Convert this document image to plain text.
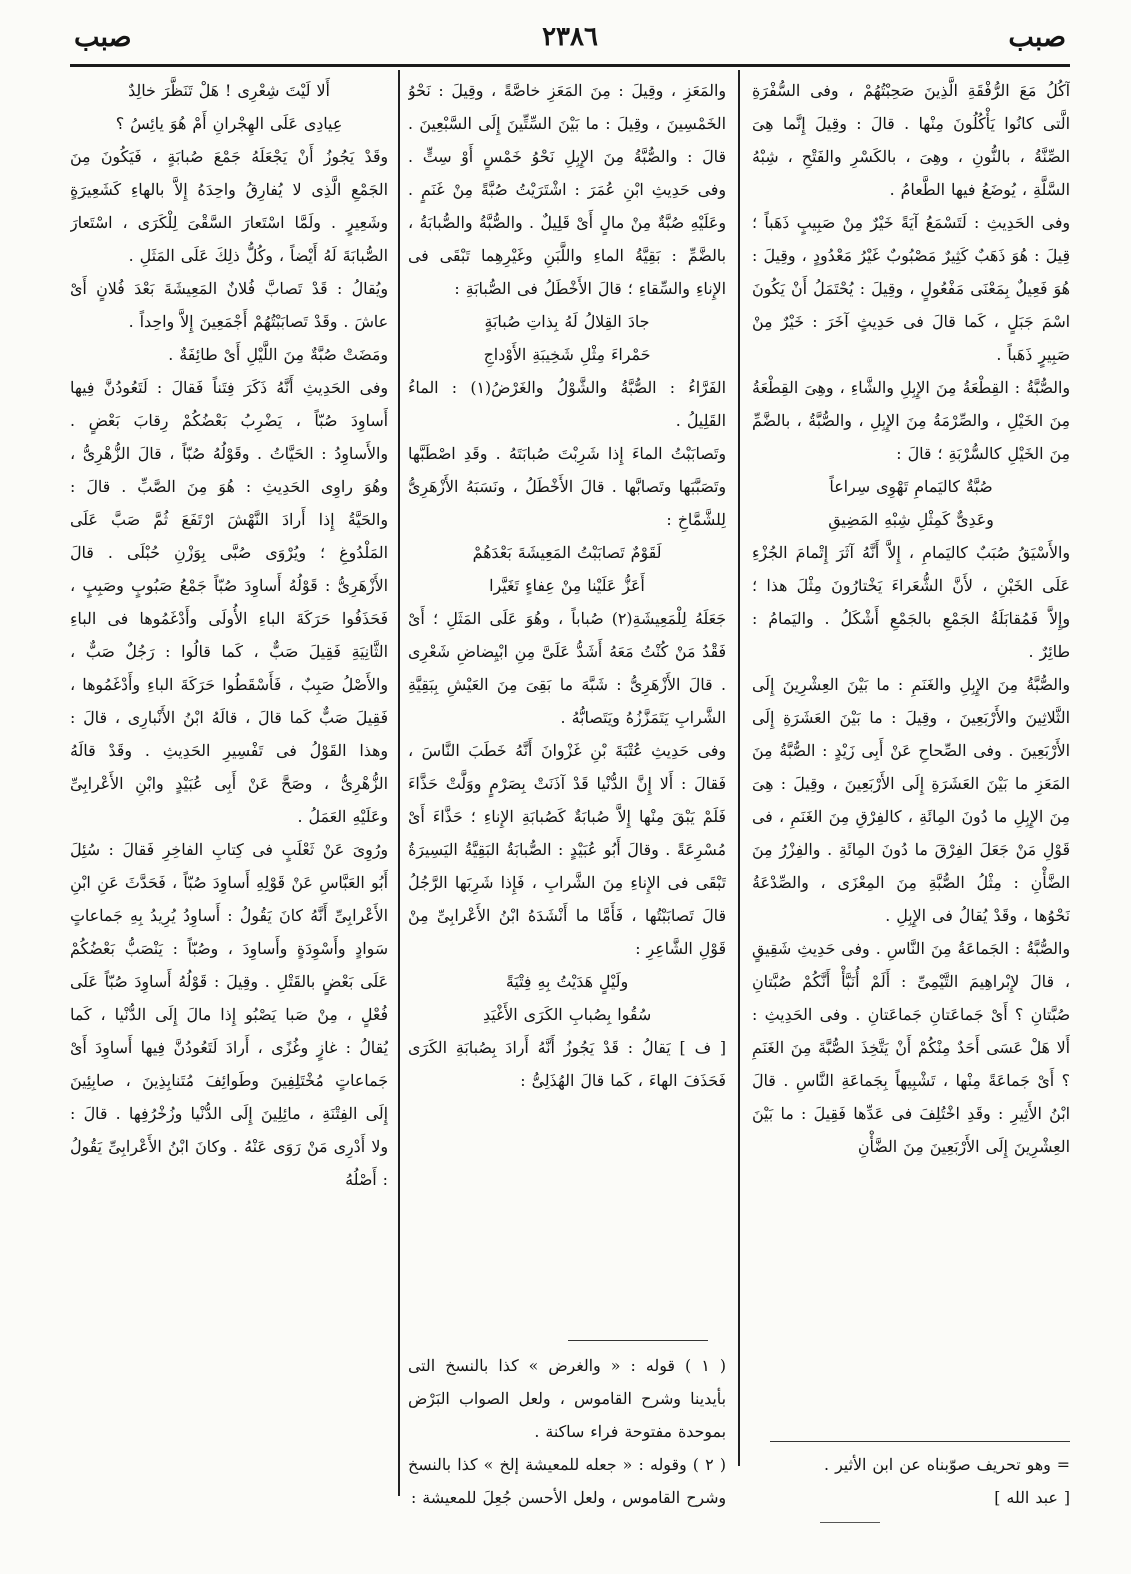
صبب	٢٣٨٦	صبب

آكُلُ مَعَ الرُّفْقَةِ الَّذِينَ صَحِبْتُهُمْ ، وفى السُّفْرَةِ الَّتى كانُوا يَأْكُلُونَ مِنْها . قالَ : وقِيلَ إِنَّما هِىَ الصِّنَّةُ ، بالنُّونِ ، وهِىَ ، بالكَسْرِ والفَتْحِ ، شِبْهُ السَّلَّةِ ، يُوضَعُ فيها الطَّعامُ .

وفى الحَدِيثِ : لَتَسْمَعُ آيَةً خَيْرٌ مِنْ صَبِيبٍ ذَهَباً ؛ قِيلَ : هُوَ ذَهَبٌ كَثِيرٌ مَصْبُوبٌ غَيْرُ مَعْدُودٍ ، وقِيلَ : هُوَ فَعِيلٌ بِمَعْنَى مَفْعُولٍ ، وقِيلَ : يُحْتَمَلُ أَنْ يَكُونَ اسْمَ جَبَلٍ ، كَما قالَ فى حَدِيثٍ آخَرَ : خَيْرٌ مِنْ صَبِيرٍ ذَهَباً .

والصُّبَّةُ : القِطْعَةُ مِنَ الإِبِلِ والشَّاءِ ، وهِىَ القِطْعَةُ مِنَ الخَيْلِ ، والصِّرْمَةُ مِنَ الإِبِلِ ، والصُّبَّةُ ، بالضَّمِّ مِنَ الخَيْلِ كالسُّرْبَةِ ؛ قالَ :

صُبَّةٌ كاليَمامِ تَهْوِى سِراعاً

وعَدِىٌّ كَمِثْلِ شِبْهِ المَضِيقِ

والأَسْيَقُ صُبَبٌ كاليَمامِ ، إِلاَّ أَنَّهُ آثَرَ إِتْمامَ الجُزْءِ عَلَى الخَبْنِ ، لأَنَّ الشُّعَراءَ يَخْتارُونَ مِثْلَ هذا ؛ وإِلاَّ فَمُقابَلَةُ الجَمْعِ بالجَمْعِ أَشْكَلُ . واليَمامُ : طائِرٌ .

والصُّبَّةُ مِنَ الإِبِلِ والغَنَمِ : ما بَيْنَ العِشْرِينَ إِلَى الثَّلاثِينَ والأَرْبَعِينَ ، وقِيلَ : ما بَيْنَ العَشَرَةِ إِلَى الأَرْبَعِينَ . وفى الصِّحاحِ عَنْ أَبِى زَيْدٍ : الصُّبَّةُ مِنَ المَعَزِ ما بَيْنَ العَشَرَةِ إِلَى الأَرْبَعِينَ ، وقِيلَ : هِىَ مِنَ الإِبِلِ ما دُونَ المِائَةِ ، كالفِرْقِ مِنَ الغَنَمِ ، فى قَوْلِ مَنْ جَعَلَ الفِرْقَ ما دُونَ المِائَةِ . والفِزْرُ مِنَ الضَّأْنِ : مِثْلُ الصُّبَّةِ مِنَ المِعْزَى ، والصِّدْعَةُ نَحْوُها ، وقَدْ يُقالُ فى الإِبِلِ .

والصُّبَّةُ : الجَماعَةُ مِنَ النَّاسِ . وفى حَدِيثِ شَقِيقٍ ، قالَ لإِبْراهِيمَ التَّيْمِىِّ : أَلَمْ أُنَبَّأْ أَنَّكُمْ صُبَّتانِ صُبَّتانِ ؟ أَىْ جَماعَتانِ جَماعَتانِ . وفى الحَدِيثِ : أَلا هَلْ عَسَى أَحَدٌ مِنْكُمْ أَنْ يَتَّخِذَ الصُّبَّةَ مِنَ الغَنَمِ ؟ أَىْ جَماعَةً مِنْها ، تَشْبِيهاً بِجَماعَةِ النَّاسِ . قالَ ابْنُ الأَثِيرِ : وقَدِ اخْتُلِفَ فى عَدِّها فَقِيلَ : ما بَيْنَ العِشْرِينَ إِلَى الأَرْبَعِينَ مِنَ الضَّأْنِ

= وهو تحريف صوّبناه عن ابن الأثير .

[ عبد الله ]

والمَعَزِ ، وقِيلَ : مِنَ المَعَزِ خاصَّةً ، وقِيلَ : نَحْوُ الخَمْسِينَ ، وقِيلَ : ما بَيْنَ السِّتِّينَ إِلَى السَّبْعِينَ . قالَ : والصُّبَّةُ مِنَ الإِبِلِ نَحْوُ خَمْسٍ أَوْ سِتٍّ . وفى حَدِيثِ ابْنِ عُمَرَ : اشْتَرَيْتُ صُبَّةً مِنْ غَنَمٍ . وعَلَيْهِ صُبَّةٌ مِنْ مالٍ أَىْ قَلِيلٌ . والصُّبَّةُ والصُّبابَةُ ، بالضَّمِّ : بَقِيَّةُ الماءِ واللَّبَنِ وغَيْرِهِما تَبْقَى فى الإِناءِ والسِّقاءِ ؛ قالَ الأَخْطَلُ فى الصُّبابَةِ :

جادَ القِلالُ لَهُ بِذاتِ صُبابَةٍ

حَمْراءَ مِثْلِ شَخِيبَةِ الأَوْداجِ

الفَرَّاءُ : الصُّبَّةُ والشَّوْلُ والغَرْضُ(١) : الماءُ القَلِيلُ .

وتَصابَبْتُ الماءَ إِذا شَرِبْتَ صُبابَتَهُ . وقَدِ اصْطَبَّها وتَصَبَّبَها وتَصابَّها . قالَ الأَخْطَلُ ، ونَسَبَهُ الأَزْهَرِىُّ لِلشَّمَّاخِ :

لَقَوْمٌ تَصابَبْتُ المَعِيشَةَ بَعْدَهُمْ

أَعَزُّ عَلَيْنا مِنْ عِفاءٍ تَغَيَّرا

جَعَلَهُ لِلْمَعِيشَةِ(٢) صُباباً ، وهُوَ عَلَى المَثَلِ ؛ أَىْ فَقْدُ مَنْ كُنْتُ مَعَهُ أَشَدُّ عَلَىَّ مِنِ ابْيِضاضِ شَعْرِى . قالَ الأَزْهَرِىُّ : شَبَّهَ ما بَقِىَ مِنَ العَيْشِ بِبَقِيَّةِ الشَّرابِ يَتَمَزَّزُهُ ويَتَصابُّهُ .

وفى حَدِيثِ عُتْبَةَ بْنِ غَزْوانَ أَنَّهُ خَطَبَ النَّاسَ ، فَقالَ : أَلا إِنَّ الدُّنْيا قَدْ آذَنَتْ بِصَرْمٍ ووَلَّتْ حَذَّاءَ فَلَمْ يَبْقَ مِنْها إِلاَّ صُبابَةٌ كَصُبابَةِ الإِناءِ ؛ حَذَّاءَ أَىْ مُسْرِعَةً . وقالَ أَبُو عُبَيْدٍ : الصُّبابَةُ البَقِيَّةُ اليَسِيرَةُ تَبْقَى فى الإِناءِ مِنَ الشَّرابِ ، فَإِذا شَرِبَها الرَّجُلُ قالَ تَصابَبْتُها ، فَأَمَّا ما أَنْشَدَهُ ابْنُ الأَعْرابِىِّ مِنْ قَوْلِ الشَّاعِرِ :

ولَيْلٍ هَدَيْتُ بِهِ فِتْيَةً

سُقُوا بِصُبابِ الكَرَى الأَغْيَدِ

[ ف ] يَقالُ : قَدْ يَجُوزُ أَنَّهُ أَرادَ بِصُبابَةِ الكَرَى فَحَذَفَ الهاءَ ، كَما قالَ الهُذَلِىُّ :

( ١ ) قوله : « والغرض » كذا بالنسخ التى بأيدينا وشرح القاموس ، ولعل الصواب البَرْض بموحدة مفتوحة فراء ساكنة .

( ٢ ) وقوله : « جعله للمعيشة إلخ » كذا بالنسخ وشرح القاموس ، ولعل الأحسن جُعِلَ للمعيشة :

أَلا لَيْتَ شِعْرِى ! هَلْ تَنَظَّرَ خالِدٌ

عِيادِى عَلَى الهِجْرانِ أَمْ هُوَ يائِسُ ؟

وقَدْ يَجُوزُ أَنْ يَجْعَلَهُ جَمْعَ صُبابَةٍ ، فَيَكُونَ مِنَ الجَمْعِ الَّذِى لا يُفارِقُ واحِدَهُ إِلاَّ بالهاءِ كَشَعِيرَةٍ وشَعِيرٍ . ولَمَّا اسْتَعارَ السَّقْىَ لِلْكَرَى ، اسْتَعارَ الصُّبابَةَ لَهُ أَيْضاً ، وكُلُّ ذلِكَ عَلَى المَثَلِ .

ويُقالُ : قَدْ تَصابَّ فُلانٌ المَعِيشَةَ بَعْدَ فُلانٍ أَىْ عاشَ . وقَدْ تَصابَبْتُهُمْ أَجْمَعِينَ إِلاَّ واحِداً .

ومَضَتْ صُبَّةٌ مِنَ اللَّيْلِ أَىْ طائِفَةٌ .

وفى الحَدِيثِ أَنَّهُ ذَكَرَ فِتَناً فَقالَ : لَتَعُودُنَّ فِيها أَساوِدَ صُبّاً ، يَضْرِبُ بَعْضُكُمْ رِقابَ بَعْضٍ . والأَساوِدُ : الحَيَّاتُ . وقَوْلُهُ صُبّاً ، قالَ الزُّهْرِىُّ ، وهُوَ راوِى الحَدِيثِ : هُوَ مِنَ الصَّبِّ . قالَ : والحَيَّةُ إِذا أَرادَ النَّهْشَ ارْتَفَعَ ثُمَّ صَبَّ عَلَى المَلْدُوغِ ؛ ويُرْوَى صُبَّى بِوَزْنِ حُبْلَى . قالَ الأَزْهَرِىُّ : قَوْلُهُ أَساوِدَ صُبّاً جَمْعُ صَبُوبٍ وصَبِبٍ ، فَحَذَفُوا حَرَكَةَ الباءِ الأُولَى وأَدْغَمُوها فى الباءِ الثَّانِيَةِ فَقِيلَ صَبٌّ ، كَما قالُوا : رَجُلٌ صَبٌّ ، والأَصْلُ صَبِبٌ ، فَأَسْقَطُوا حَرَكَةَ الباءِ وأَدْغَمُوها ، فَقِيلَ صَبٌّ كَما قالَ ، قالَهُ ابْنُ الأَنْبارِى ، قالَ : وهذا القَوْلُ فى تَفْسِيرِ الحَدِيثِ . وقَدْ قالَهُ الزُّهْرِىُّ ، وصَحَّ عَنْ أَبِى عُبَيْدٍ وابْنِ الأَعْرابِىِّ وعَلَيْهِ العَمَلُ .

ورُوِىَ عَنْ ثَعْلَبٍ فى كِتابِ الفاخِرِ فَقالَ : سُئِلَ أَبُو العَبَّاسِ عَنْ قَوْلِهِ أَساوِدَ صُبّاً ، فَحَدَّثَ عَنِ ابْنِ الأَعْرابِىِّ أَنَّهُ كانَ يَقُولُ : أَساوِدُ يُرِيدُ بِهِ جَماعاتٍ سَوادٍ وأَسْوِدَةٍ وأَساوِدَ ، وصُبّاً : يَنْصَبُّ بَعْضُكُمْ عَلَى بَعْضٍ بالقَتْلِ . وقِيلَ : قَوْلُهُ أَساوِدَ صُبّاً عَلَى فُعْلٍ ، مِنْ صَبا يَصْبُو إِذا مالَ إِلَى الدُّنْيا ، كَما يُقالُ : غازٍ وغُزًى ، أَرادَ لَتَعُودُنَّ فِيها أَساوِدَ أَىْ جَماعاتٍ مُخْتَلِفِينَ وطَوائِفَ مُتَنابِذِينَ ، صابِئِينَ إِلَى الفِتْنَةِ ، مائِلِينَ إِلَى الدُّنْيا وزُخْرُفِها . قالَ : ولا أَدْرِى مَنْ رَوَى عَنْهُ . وكانَ ابْنُ الأَعْرابِىِّ يَقُولُ : أَصْلُهُ
